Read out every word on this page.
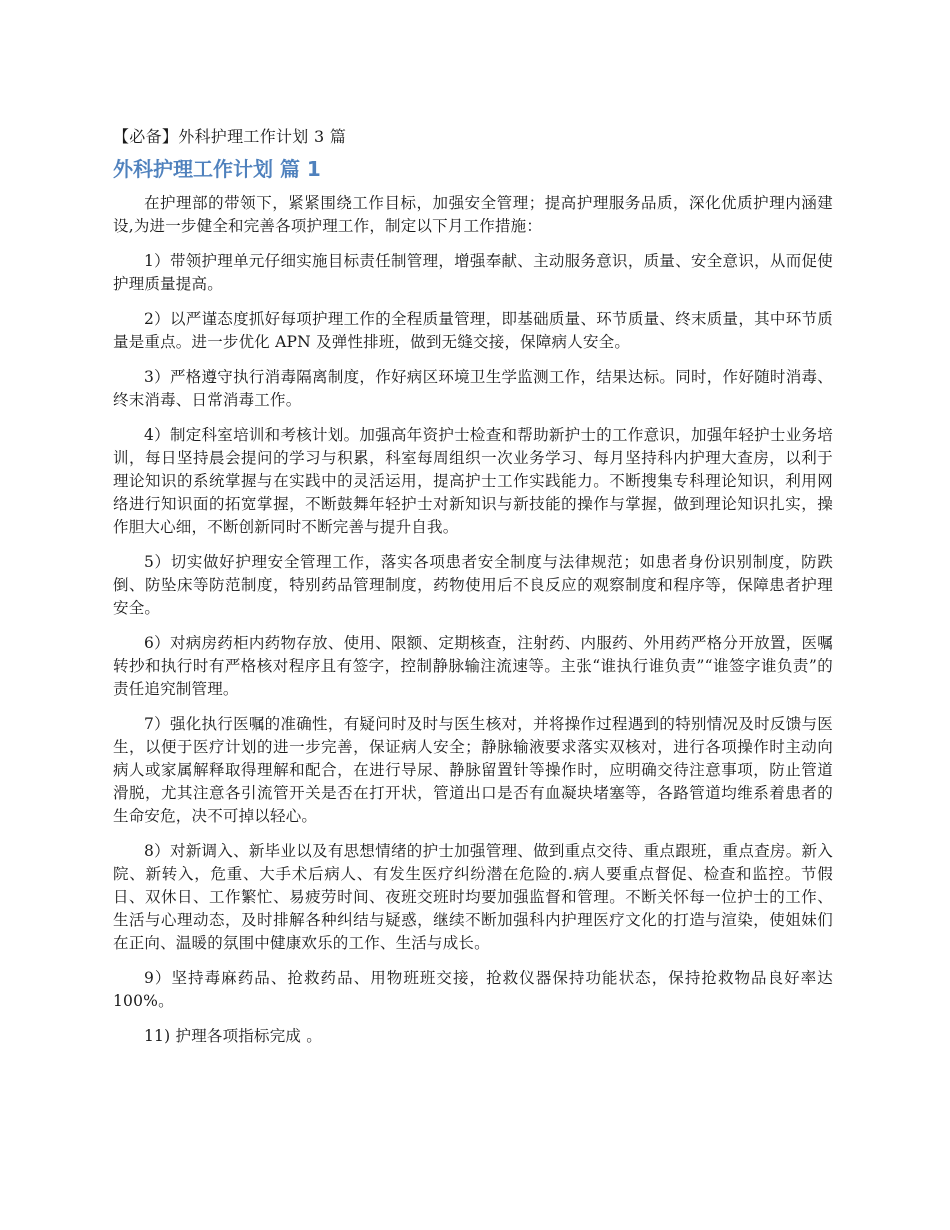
【必备】外科护理工作计划 3 篇
外科护理工作计划 篇 1

在护理部的带领下，紧紧围绕工作目标，加强安全管理；提高护理服务品质，深化优质护理内涵建设,为进一步健全和完善各项护理工作，制定以下月工作措施：

1）带领护理单元仔细实施目标责任制管理，增强奉献、主动服务意识，质量、安全意识，从而促使护理质量提高。

2）以严谨态度抓好每项护理工作的全程质量管理，即基础质量、环节质量、终末质量，其中环节质量是重点。进一步优化 APN 及弹性排班，做到无缝交接，保障病人安全。

3）严格遵守执行消毒隔离制度，作好病区环境卫生学监测工作，结果达标。同时，作好随时消毒、终末消毒、日常消毒工作。

4）制定科室培训和考核计划。加强高年资护士检查和帮助新护士的工作意识，加强年轻护士业务培训，每日坚持晨会提问的学习与积累，科室每周组织一次业务学习、每月坚持科内护理大查房，以利于理论知识的系统掌握与在实践中的灵活运用，提高护士工作实践能力。不断搜集专科理论知识，利用网络进行知识面的拓宽掌握，不断鼓舞年轻护士对新知识与新技能的操作与掌握，做到理论知识扎实，操作胆大心细，不断创新同时不断完善与提升自我。

5）切实做好护理安全管理工作，落实各项患者安全制度与法律规范；如患者身份识别制度，防跌倒、防坠床等防范制度，特别药品管理制度，药物使用后不良反应的观察制度和程序等，保障患者护理安全。

6）对病房药柜内药物存放、使用、限额、定期核查，注射药、内服药、外用药严格分开放置，医嘱转抄和执行时有严格核对程序且有签字，控制静脉输注流速等。主张“谁执行谁负责”“谁签字谁负责”的责任追究制管理。

7）强化执行医嘱的准确性，有疑问时及时与医生核对，并将操作过程遇到的特别情况及时反馈与医生，以便于医疗计划的进一步完善，保证病人安全；静脉输液要求落实双核对，进行各项操作时主动向病人或家属解释取得理解和配合，在进行导尿、静脉留置针等操作时，应明确交待注意事项，防止管道滑脱，尤其注意各引流管开关是否在打开状，管道出口是否有血凝块堵塞等，各路管道均维系着患者的生命安危，决不可掉以轻心。

8）对新调入、新毕业以及有思想情绪的护士加强管理、做到重点交待、重点跟班，重点查房。新入院、新转入，危重、大手术后病人、有发生医疗纠纷潜在危险的.病人要重点督促、检查和监控。节假日、双休日、工作繁忙、易疲劳时间、夜班交班时均要加强监督和管理。不断关怀每一位护士的工作、生活与心理动态，及时排解各种纠结与疑惑，继续不断加强科内护理医疗文化的打造与渲染，使姐妹们在正向、温暖的氛围中健康欢乐的工作、生活与成长。

9）坚持毒麻药品、抢救药品、用物班班交接，抢救仪器保持功能状态，保持抢救物品良好率达 100%。

11) 护理各项指标完成 。
